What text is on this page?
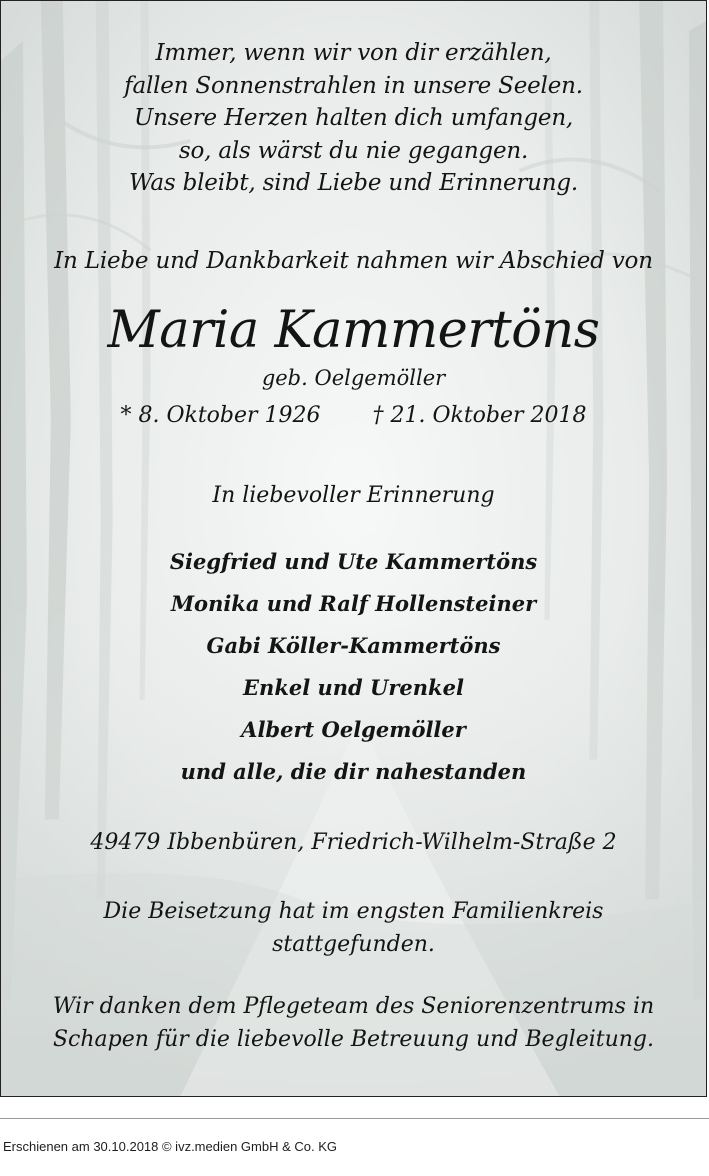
Immer, wenn wir von dir erzählen,
fallen Sonnenstrahlen in unsere Seelen.
Unsere Herzen halten dich umfangen,
so, als wärst du nie gegangen.
Was bleibt, sind Liebe und Erinnerung.
In Liebe und Dankbarkeit nahmen wir Abschied von
Maria Kammertöns
geb. Oelgemöller
* 8. Oktober 1926 † 21. Oktober 2018
In liebevoller Erinnerung
Siegfried und Ute Kammertöns
Monika und Ralf Hollensteiner
Gabi Köller-Kammertöns
Enkel und Urenkel
Albert Oelgemöller
und alle, die dir nahestanden
49479 Ibbenbüren, Friedrich-Wilhelm-Straße 2
Die Beisetzung hat im engsten Familienkreis
stattgefunden.
Wir danken dem Pflegeteam des Seniorenzentrums in
Schapen für die liebevolle Betreuung und Begleitung.
Erschienen am 30.10.2018 © ivz.medien GmbH & Co. KG
